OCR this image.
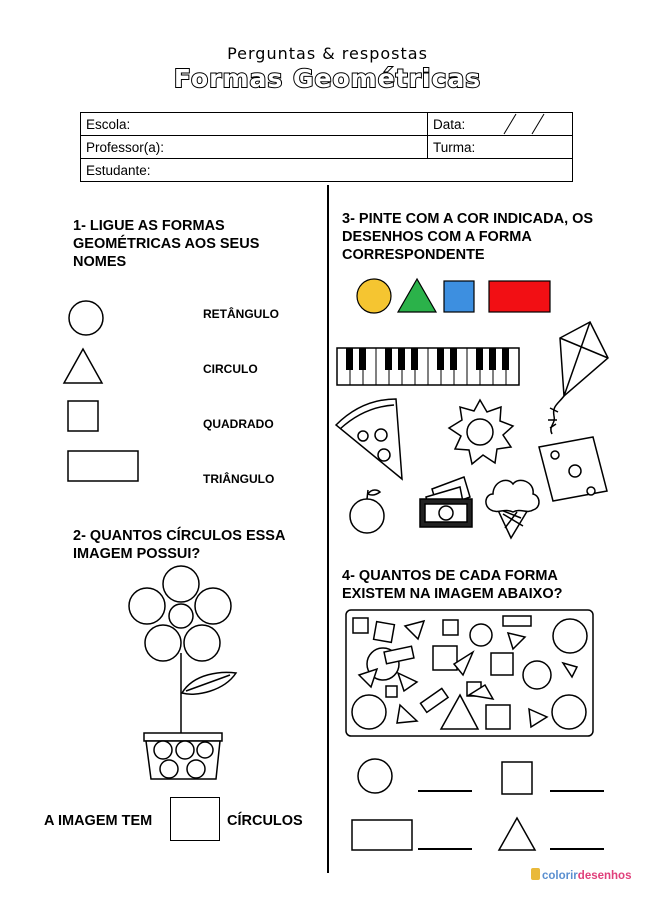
Perguntas & respostas
Formas Geométricas
Escola:	Data:

Professor(a):	Turma:
Estudante:	
1- LIGUE AS FORMAS GEOMÉTRICAS AOS SEUS NOMES
RETÂNGULO
CIRCULO
QUADRADO
TRIÂNGULO
2- QUANTOS CÍRCULOS ESSA IMAGEM POSSUI?
A IMAGEM TEM	CÍRCULOS
3- PINTE COM A COR INDICADA, OS DESENHOS COM A FORMA CORRESPONDENTE
4- QUANTOS DE CADA FORMA EXISTEM NA IMAGEM ABAIXO?
colorirdesenhos
